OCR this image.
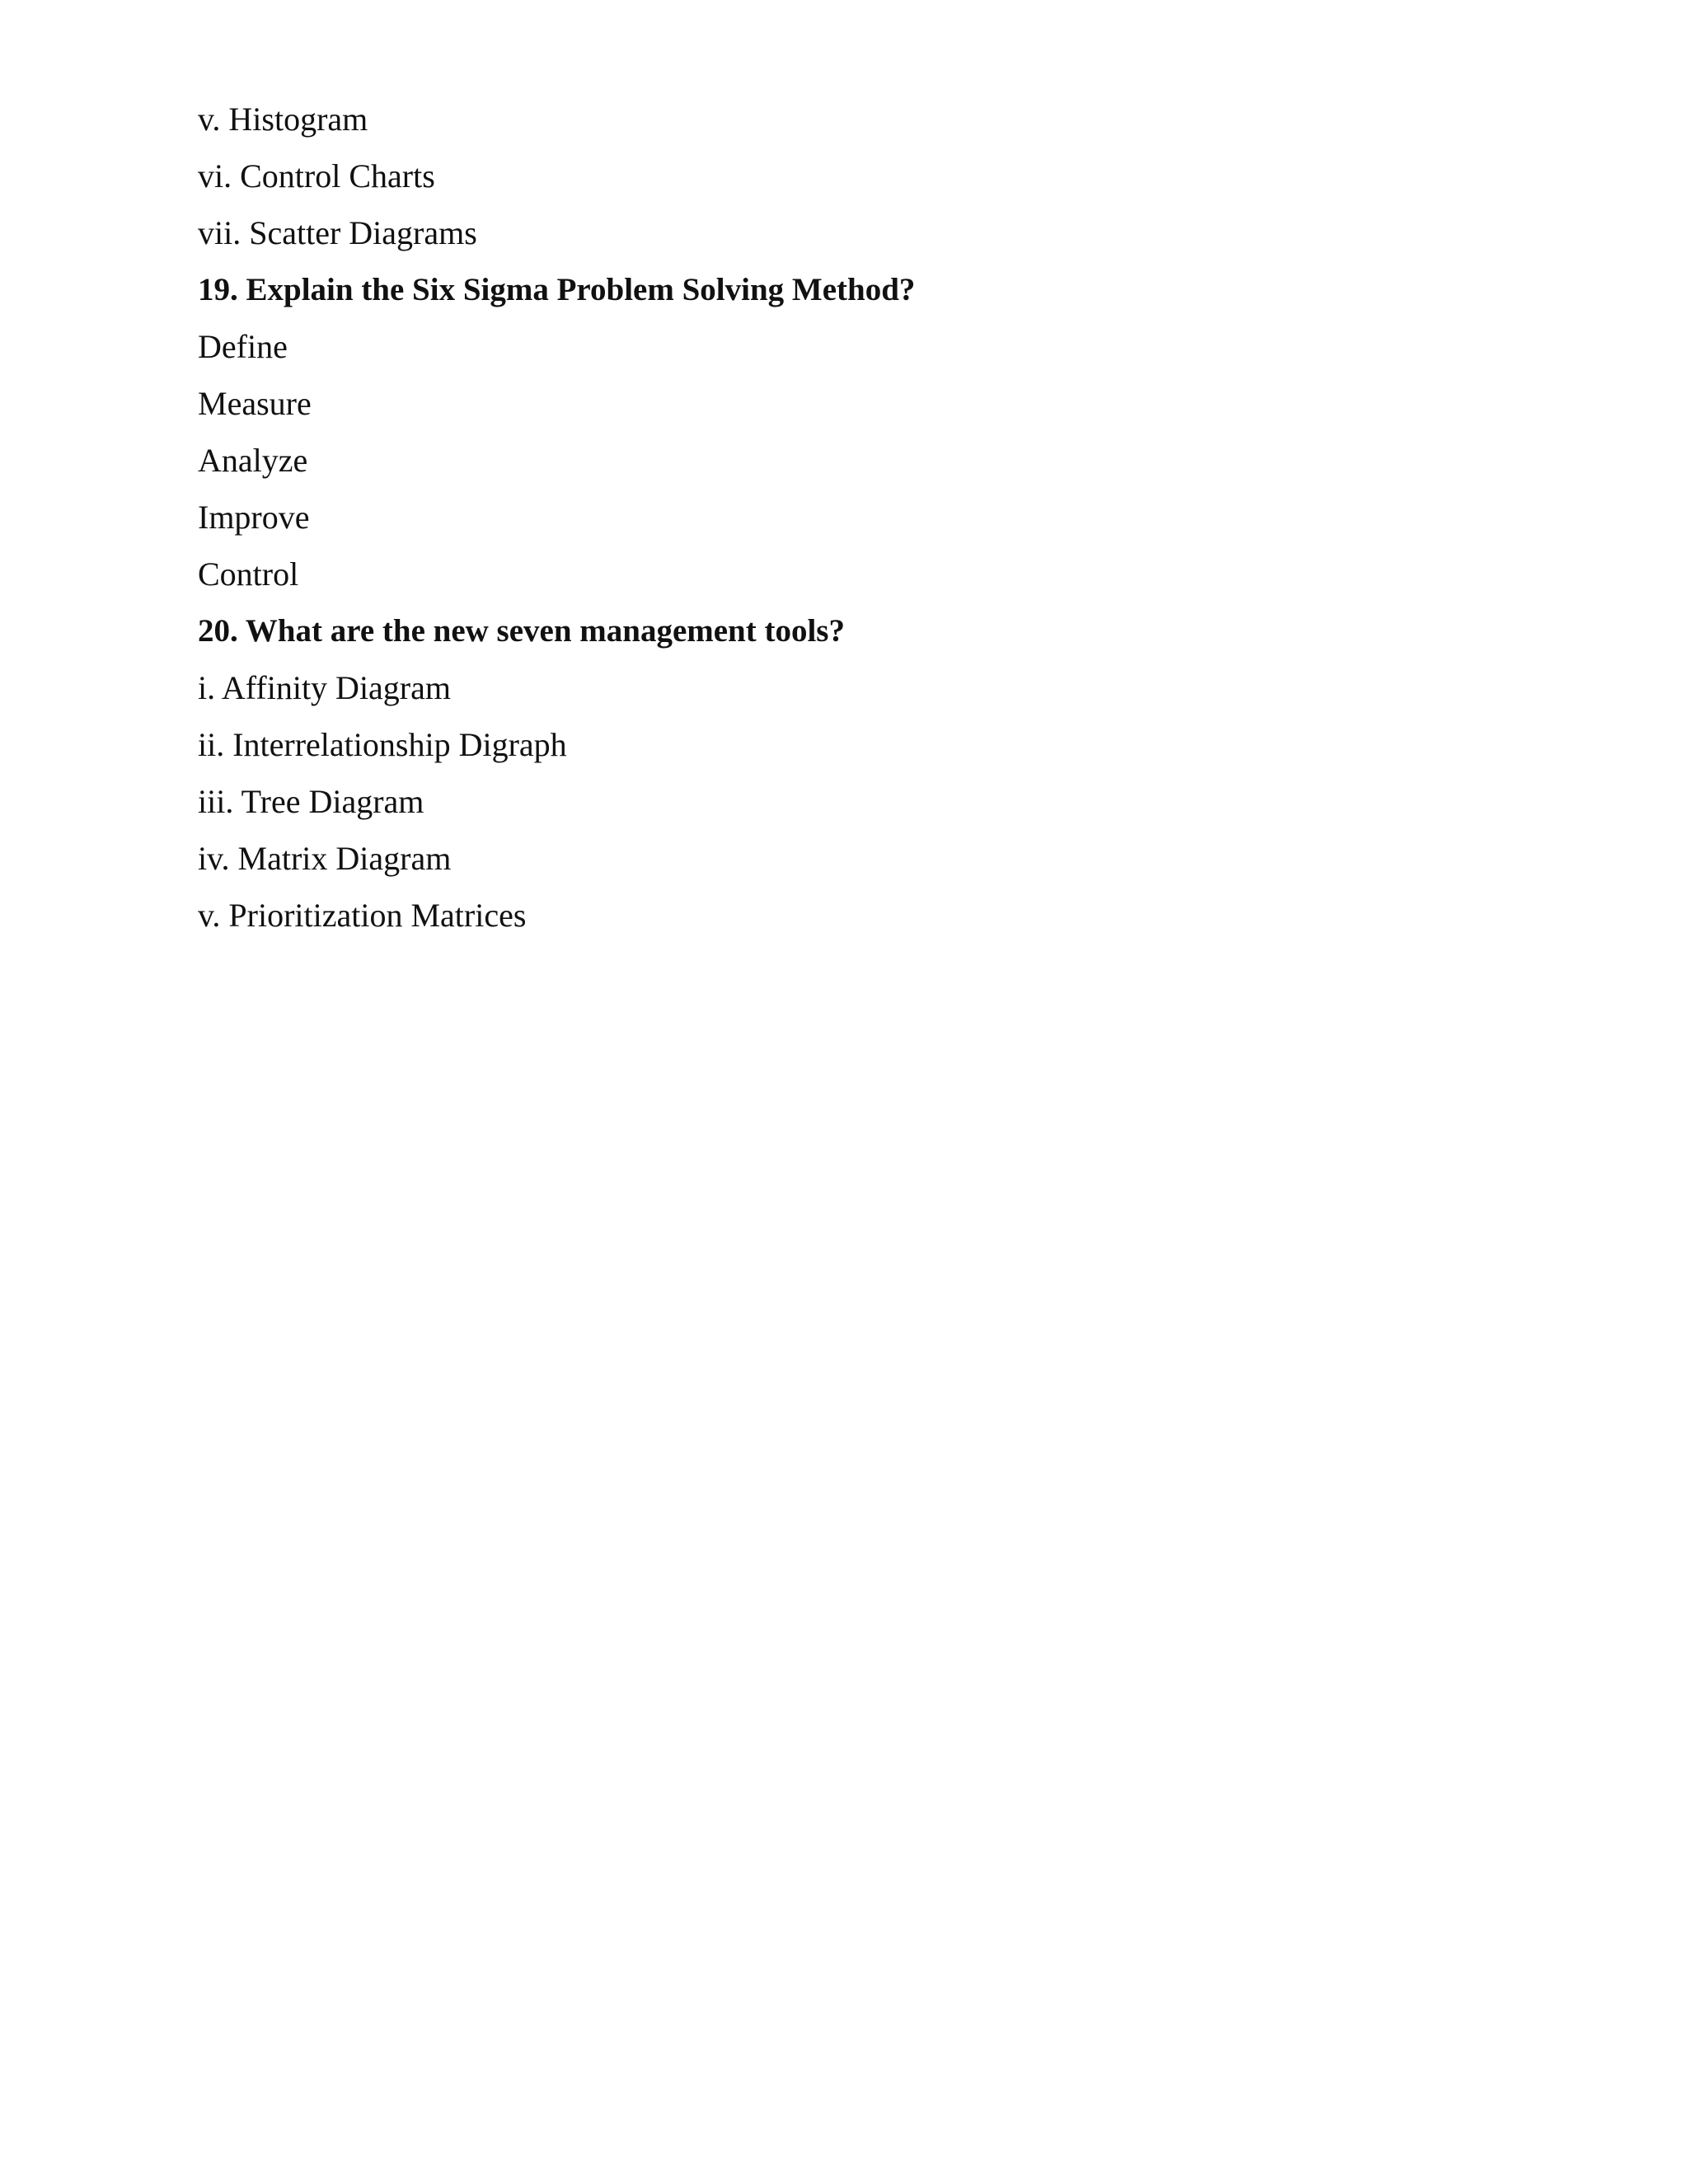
v. Histogram
vi. Control Charts
vii. Scatter Diagrams
19. Explain the Six Sigma Problem Solving Method?
Define
Measure
Analyze
Improve
Control
20. What are the new seven management tools?
i. Affinity Diagram
ii. Interrelationship Digraph
iii. Tree Diagram
iv. Matrix Diagram
v. Prioritization Matrices
